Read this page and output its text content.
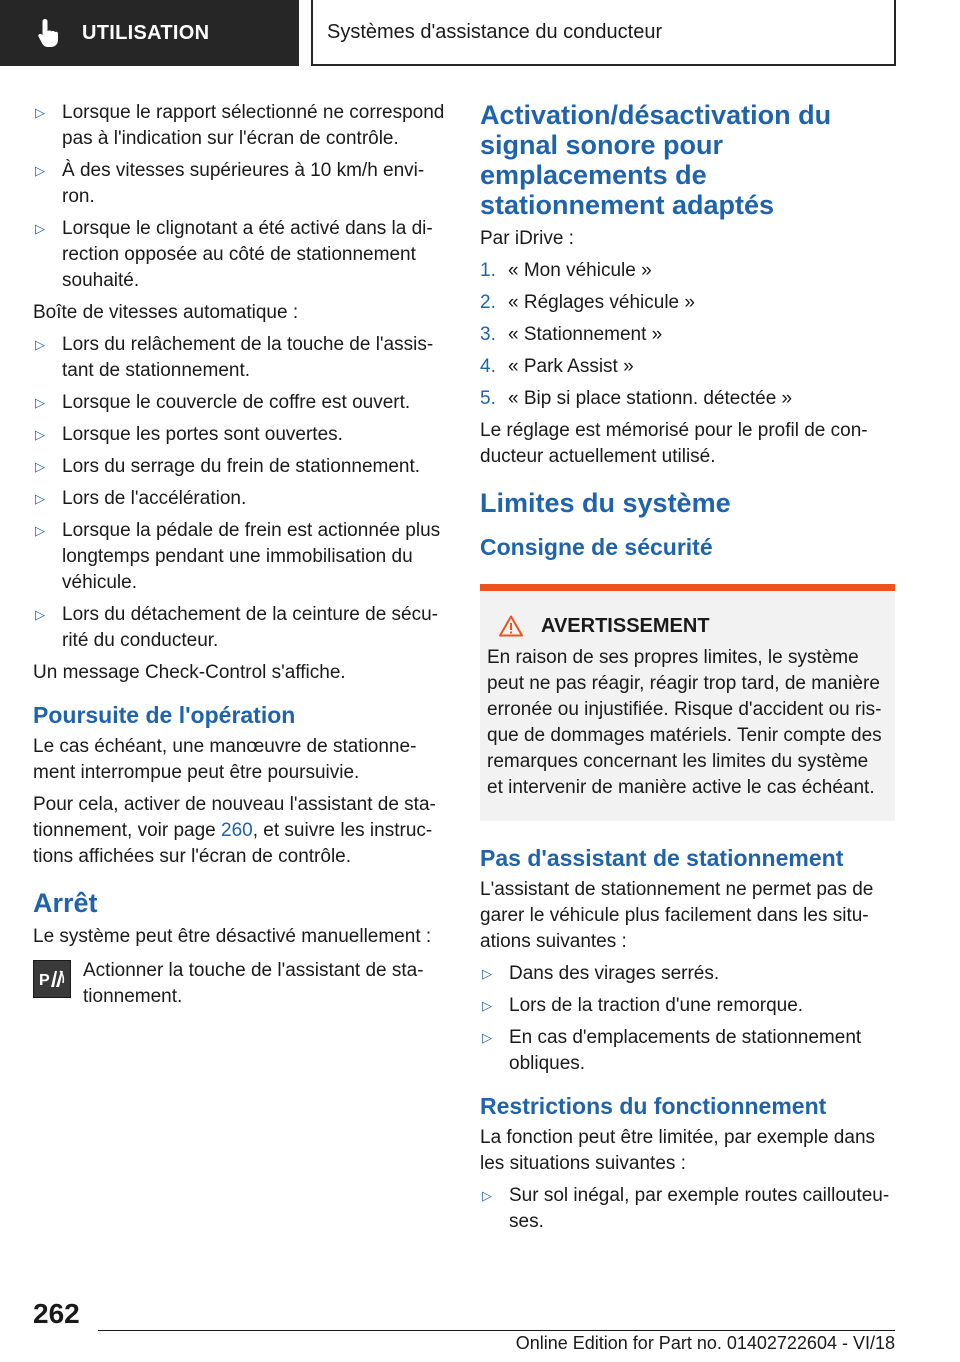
UTILISATION	Systèmes d'assistance du conducteur
▷ Lorsque le rapport sélectionné ne correspond pas à l'indication sur l'écran de contrôle.
▷ À des vitesses supérieures à 10 km/h envi-ron.
▷ Lorsque le clignotant a été activé dans la di-rection opposée au côté de stationnement souhaité.
Boîte de vitesses automatique :
▷ Lors du relâchement de la touche de l'assis-tant de stationnement.
▷ Lorsque le couvercle de coffre est ouvert.
▷ Lorsque les portes sont ouvertes.
▷ Lors du serrage du frein de stationnement.
▷ Lors de l'accélération.
▷ Lorsque la pédale de frein est actionnée plus longtemps pendant une immobilisation du véhicule.
▷ Lors du détachement de la ceinture de sécu-rité du conducteur.
Un message Check-Control s'affiche.
Poursuite de l'opération
Le cas échéant, une manœuvre de stationne-ment interrompue peut être poursuivie.
Pour cela, activer de nouveau l'assistant de sta-tionnement, voir page 260, et suivre les instruc-tions affichées sur l'écran de contrôle.
Arrêt
Le système peut être désactivé manuellement :
P Actionner la touche de l'assistant de sta-tionnement.
Activation/désactivation du signal sonore pour emplacements de stationnement adaptés
Par iDrive :
1. « Mon véhicule »
2. « Réglages véhicule »
3. « Stationnement »
4. « Park Assist »
5. « Bip si place stationn. détectée »
Le réglage est mémorisé pour le profil de con-ducteur actuellement utilisé.
Limites du système
Consigne de sécurité
AVERTISSEMENT
En raison de ses propres limites, le système peut ne pas réagir, réagir trop tard, de manière erronée ou injustifiée. Risque d'accident ou ris-que de dommages matériels. Tenir compte des remarques concernant les limites du système et intervenir de manière active le cas échéant.
Pas d'assistant de stationnement
L'assistant de stationnement ne permet pas de garer le véhicule plus facilement dans les situ-ations suivantes :
▷ Dans des virages serrés.
▷ Lors de la traction d'une remorque.
▷ En cas d'emplacements de stationnement obliques.
Restrictions du fonctionnement
La fonction peut être limitée, par exemple dans les situations suivantes :
▷ Sur sol inégal, par exemple routes caillouteu-ses.
262
Online Edition for Part no. 01402722604 - VI/18
